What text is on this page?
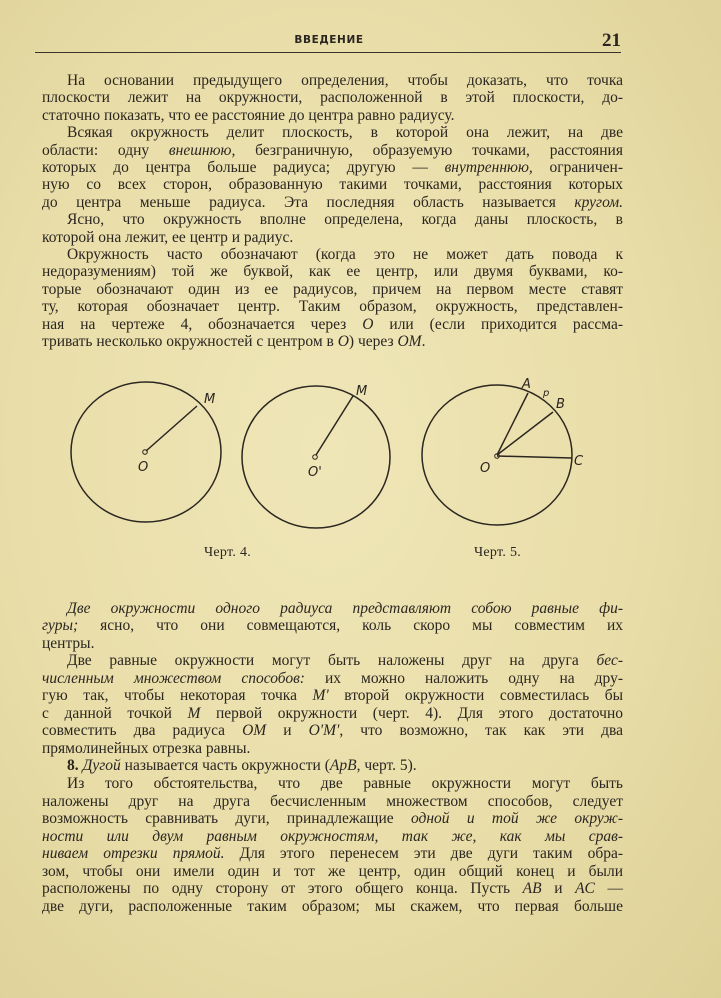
ВВЕДЕНИЕ	21
На основании предыдущего определения, чтобы доказать, что точка
плоскости лежит на окружности, расположенной в этой плоскости, до-
статочно показать, что ее расстояние до центра равно радиусу.
Всякая окружность делит плоскость, в которой она лежит, на две
области: одну внешнюю, безграничную, образуемую точками, расстояния
которых до центра больше радиуса; другую — внутреннюю, ограничен-
ную со всех сторон, образованную такими точками, расстояния которых
до центра меньше радиуса. Эта последняя область называется кругом.
Ясно, что окружность вполне определена, когда даны плоскость, в
которой она лежит, ее центр и радиус.
Окружность часто обозначают (когда это не может дать повода к
недоразумениям) той же буквой, как ее центр, или двумя буквами, ко-
торые обозначают один из ее радиусов, причем на первом месте ставят
ту, которая обозначает центр. Таким образом, окружность, представлен-
ная на чертеже 4, обозначается через O или (если приходится рассма-
тривать несколько окружностей с центром в O) через OM.
Две окружности одного радиуса представляют собою равные фи-
гуры; ясно, что они совмещаются, коль скоро мы совместим их
центры.
Две равные окружности могут быть наложены друг на друга бес-
численным множеством способов: их можно наложить одну на дру-
гую так, чтобы некоторая точка M' второй окружности совместилась бы
с данной точкой M первой окружности (черт. 4). Для этого достаточно
совместить два радиуса OM и O'M', что возможно, так как эти два
прямолинейных отрезка равны.
8. Дугой называется часть окружности (ApB, черт. 5).
Из того обстоятельства, что две равные окружности могут быть
наложены друг на друга бесчисленным множеством способов, следует
возможность сравнивать дуги, принадлежащие одной и той же окруж-
ности или двум равным окружностям, так же, как мы срав-
ниваем отрезки прямой. Для этого перенесем эти две дуги таким обра-
зом, чтобы они имели один и тот же центр, один общий конец и были
расположены по одну сторону от этого общего конца. Пусть AB и AC —
две дуги, расположенные таким образом; мы скажем, что первая больше
M
O
M
O'
A
p
B
C
O
Черт. 4.	Черт. 5.
